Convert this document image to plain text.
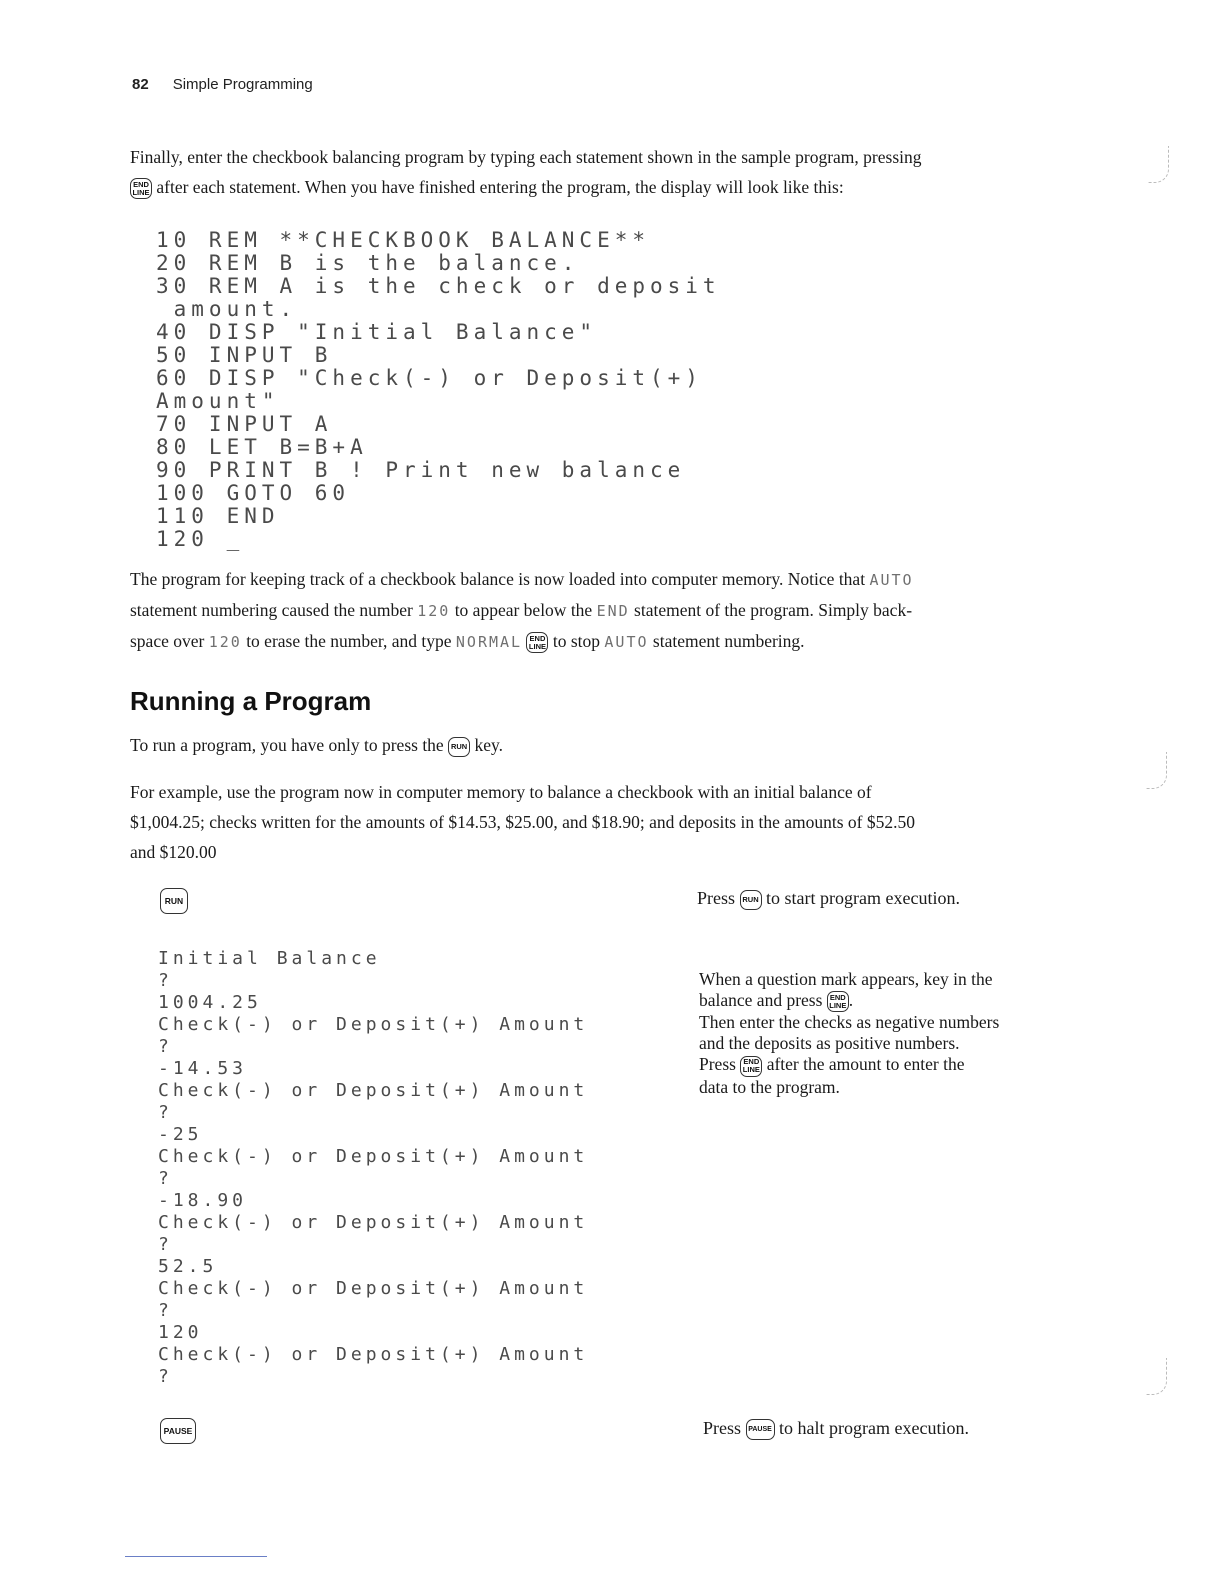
82 Simple Programming
Finally, enter the checkbook balancing program by typing each statement shown in the sample program, pressing
END
LINE after each statement. When you have finished entering the program, the display will look like this:
10 REM **CHECKBOOK BALANCE**
20 REM B is the balance.
30 REM A is the check or deposit
amount.
40 DISP "Initial Balance"
50 INPUT B
60 DISP "Check(-) or Deposit(+)
Amount"
70 INPUT A
80 LET B=B+A
90 PRINT B ! Print new balance
100 GOTO 60
110 END
120 _
The program for keeping track of a checkbook balance is now loaded into computer memory. Notice that AUTO
statement numbering caused the number 120 to appear below the END statement of the program. Simply back-
space over 120 to erase the number, and type NORMAL END
LINE to stop AUTO statement numbering.
Running a Program
To run a program, you have only to press the RUN key.
For example, use the program now in computer memory to balance a checkbook with an initial balance of
$1,004.25; checks written for the amounts of $14.53, $25.00, and $18.90; and deposits in the amounts of $52.50
and $120.00
RUN	Press RUN to start program execution.
Initial Balance
?
1004.25
Check(-) or Deposit(+) Amount
?
-14.53
Check(-) or Deposit(+) Amount
?
-25
Check(-) or Deposit(+) Amount
?
-18.90
Check(-) or Deposit(+) Amount
?
52.5
Check(-) or Deposit(+) Amount
?
120
Check(-) or Deposit(+) Amount
?
When a question mark appears, key in the
balance and press END
LINE .
Then enter the checks as negative numbers
and the deposits as positive numbers.
Press END
LINE after the amount to enter the
data to the program.
PAUSE	Press PAUSE to halt program execution.
